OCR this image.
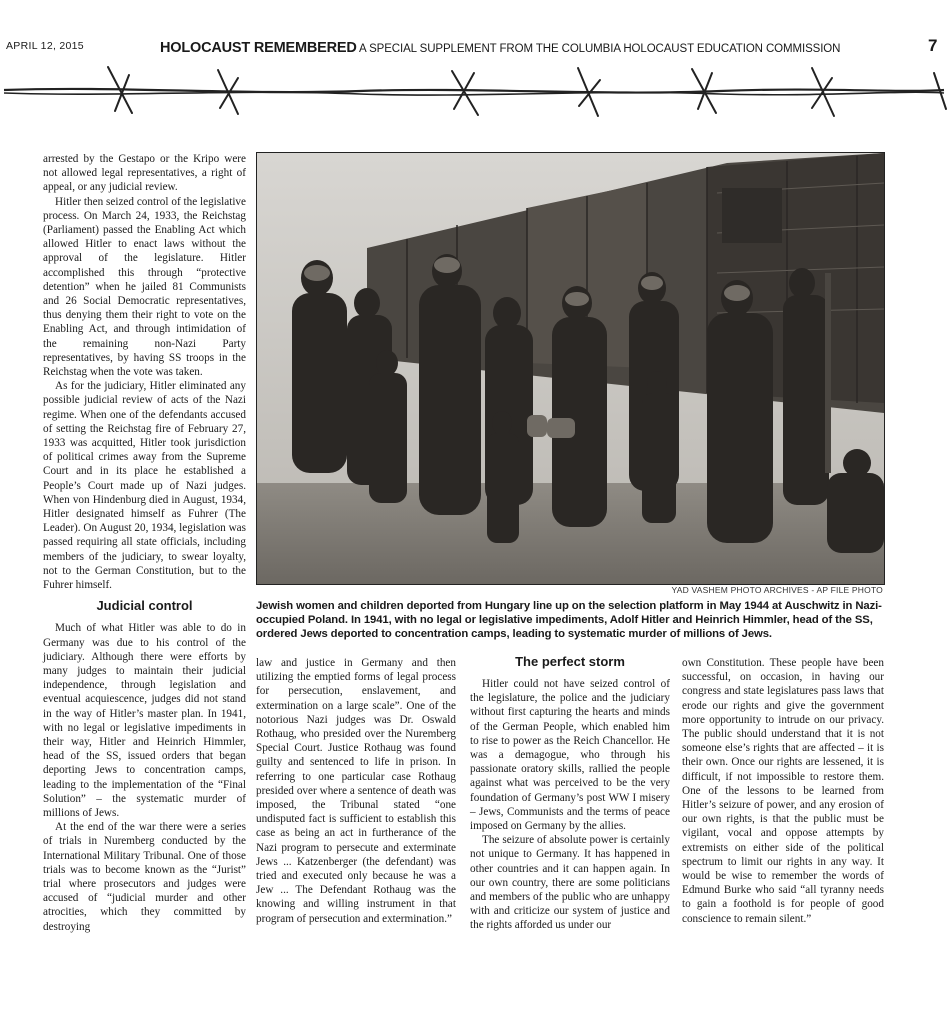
APRIL 12, 2015	HOLOCAUST REMEMBERED A SPECIAL SUPPLEMENT FROM THE COLUMBIA HOLOCAUST EDUCATION COMMISSION	7

arrested by the Gestapo or the Kripo were not allowed legal representatives, a right of appeal, or any judicial review.

Hitler then seized control of the legislative process. On March 24, 1933, the Reichstag (Parliament) passed the Enabling Act which allowed Hitler to enact laws without the approval of the legislature. Hitler accomplished this through “protective detention” when he jailed 81 Communists and 26 Social Democratic representatives, thus denying them their right to vote on the Enabling Act, and through intimidation of the remaining non-Nazi Party representatives, by having SS troops in the Reichstag when the vote was taken.

As for the judiciary, Hitler eliminated any possible judicial review of acts of the Nazi regime. When one of the defendants accused of setting the Reichstag fire of February 27, 1933 was acquitted, Hitler took jurisdiction of political crimes away from the Supreme Court and in its place he established a People’s Court made up of Nazi judges. When von Hindenburg died in August, 1934, Hitler designated himself as Fuhrer (The Leader). On August 20, 1934, legislation was passed requiring all state officials, including members of the judiciary, to swear loyalty, not to the German Constitution, but to the Fuhrer himself.

Judicial control

Much of what Hitler was able to do in Germany was due to his control of the judiciary. Although there were efforts by many judges to maintain their judicial independence, through legislation and eventual acquiescence, judges did not stand in the way of Hitler’s master plan. In 1941, with no legal or legislative impediments in their way, Hitler and Heinrich Himmler, head of the SS, issued orders that began deporting Jews to concentration camps, leading to the implementation of the “Final Solution” – the systematic murder of millions of Jews.

At the end of the war there were a series of trials in Nuremberg conducted by the International Military Tribunal. One of those trials was to become known as the “Jurist” trial where prosecutors and judges were accused of “judicial murder and other atrocities, which they committed by destroying

YAD VASHEM PHOTO ARCHIVES - AP FILE PHOTO
Jewish women and children deported from Hungary line up on the selection platform in May 1944 at Auschwitz in Nazi-occupied Poland. In 1941, with no legal or legislative impediments, Adolf Hitler and Heinrich Himmler, head of the SS, ordered Jews deported to concentration camps, leading to systematic murder of millions of Jews.

law and justice in Germany and then utilizing the emptied forms of legal process for persecution, enslavement, and extermination on a large scale”. One of the notorious Nazi judges was Dr. Oswald Rothaug, who presided over the Nuremberg Special Court. Justice Rothaug was found guilty and sentenced to life in prison. In referring to one particular case Rothaug presided over where a sentence of death was imposed, the Tribunal stated “one undisputed fact is sufficient to establish this case as being an act in furtherance of the Nazi program to persecute and exterminate Jews ... Katzenberger (the defendant) was tried and executed only because he was a Jew ... The Defendant Rothaug was the knowing and willing instrument in that program of persecution and extermination.”

The perfect storm

Hitler could not have seized control of the legislature, the police and the judiciary without first capturing the hearts and minds of the German People, which enabled him to rise to power as the Reich Chancellor. He was a demagogue, who through his passionate oratory skills, rallied the people against what was perceived to be the very foundation of Germany’s post WW I misery – Jews, Communists and the terms of peace imposed on Germany by the allies.

The seizure of absolute power is certainly not unique to Germany. It has happened in other countries and it can happen again. In our own country, there are some politicians and members of the public who are unhappy with and criticize our system of justice and the rights afforded us under our

own Constitution. These people have been successful, on occasion, in having our congress and state legislatures pass laws that erode our rights and give the government more opportunity to intrude on our privacy. The public should understand that it is not someone else’s rights that are affected – it is their own. Once our rights are lessened, it is difficult, if not impossible to restore them. One of the lessons to be learned from Hitler’s seizure of power, and any erosion of our own rights, is that the public must be vigilant, vocal and oppose attempts by extremists on either side of the political spectrum to limit our rights in any way. It would be wise to remember the words of Edmund Burke who said “all tyranny needs to gain a foothold is for people of good conscience to remain silent.”
